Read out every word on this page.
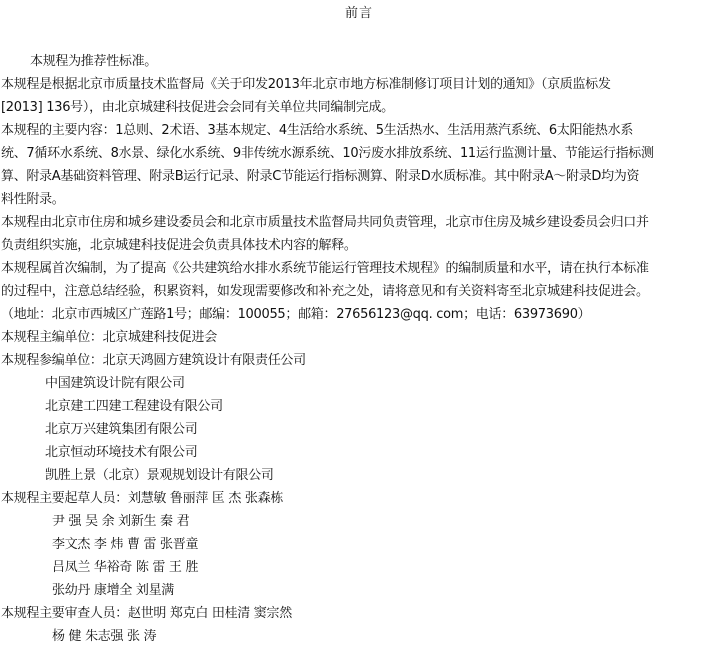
前言

本规程为推荐性标准。

本规程是根据北京市质量技术监督局《关于印发2013年北京市地方标准制修订项目计划的通知》（京质监标发

[2013] 136号），由北京城建科技促进会会同有关单位共同编制完成。

本规程的主要内容：1总则、2术语、3基本规定、4生活给水系统、5生活热水、生活用蒸汽系统、6太阳能热水系

统、7循环水系统、8水景、绿化水系统、9非传统水源系统、10污废水排放系统、11运行监测计量、节能运行指标测

算、附录A基础资料管理、附录B运行记录、附录C节能运行指标测算、附录D水质标准。其中附录A～附录D均为资

料性附录。

本规程由北京市住房和城乡建设委员会和北京市质量技术监督局共同负责管理，北京市住房及城乡建设委员会归口并

负责组织实施，北京城建科技促进会负责具体技术内容的解释。

本规程属首次编制，为了提高《公共建筑给水排水系统节能运行管理技术规程》的编制质量和水平，请在执行本标准

的过程中，注意总结经验，积累资料，如发现需要修改和补充之处，请将意见和有关资料寄至北京城建科技促进会。

（地址：北京市西城区广莲路1号；邮编：100055；邮箱：27656123@qq. com；电话：63973690）

本规程主编单位：北京城建科技促进会

本规程参编单位：北京天鸿圆方建筑设计有限责任公司

中国建筑设计院有限公司

北京建工四建工程建设有限公司

北京万兴建筑集团有限公司

北京恒动环境技术有限公司

凯胜上景（北京）景观规划设计有限公司

本规程主要起草人员：刘慧敏 鲁丽萍 匡 杰 张森栋

尹 强 吴 余 刘新生 秦 君

李文杰 李 炜 曹 雷 张晋童

吕凤兰 华裕奇 陈 雷 王 胜

张幼丹 康增全 刘星满

本规程主要审查人员：赵世明 郑克白 田桂清 窦宗然

杨 健 朱志强 张 涛
